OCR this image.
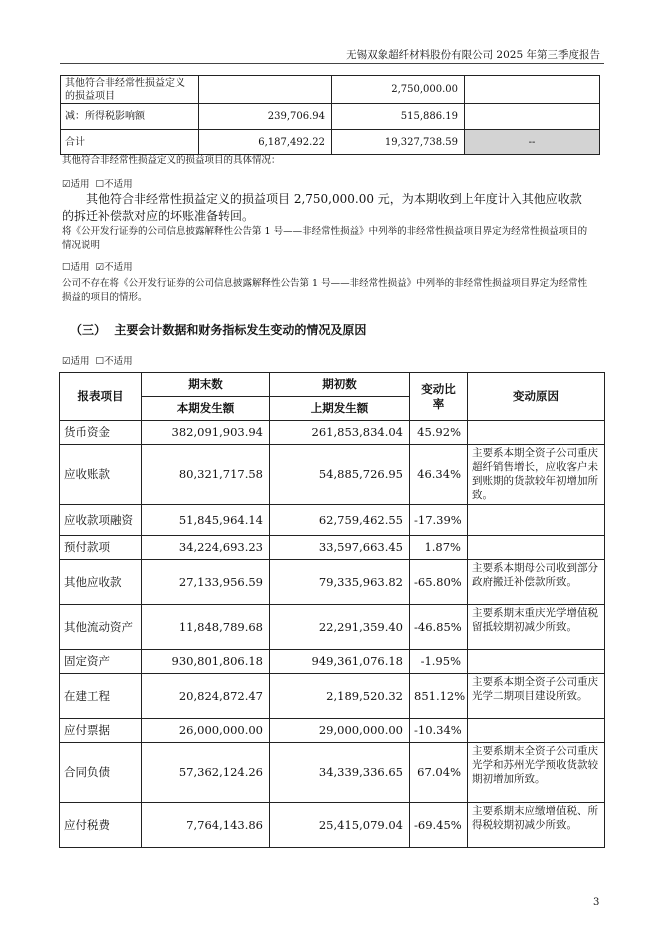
无锡双象超纤材料股份有限公司 2025 年第三季度报告
其他符合非经常性损益定义的损益项目		2,750,000.00	
减：所得税影响额	239,706.94	515,886.19	
合计	6,187,492.22	19,327,738.59	--
其他符合非经常性损益定义的损益项目的具体情况：
☑适用 ☐不适用
其他符合非经常性损益定义的损益项目 2,750,000.00 元，为本期收到上年度计入其他应收款的拆迁补偿款对应的坏账准备转回。
将《公开发行证券的公司信息披露解释性公告第 1 号——非经常性损益》中列举的非经常性损益项目界定为经常性损益项目的情况说明
☐适用 ☑不适用
公司不存在将《公开发行证券的公司信息披露解释性公告第 1 号——非经常性损益》中列举的非经常性损益项目界定为经常性损益的项目的情形。
（三） 主要会计数据和财务指标发生变动的情况及原因
☑适用 ☐不适用
报表项目	期末数	期初数	变动比率	变动原因
	本期发生额	上期发生额		
货币资金	382,091,903.94	261,853,834.04	45.92%	
应收账款	80,321,717.58	54,885,726.95	46.34%	主要系本期全资子公司重庆超纤销售增长，应收客户未到账期的货款较年初增加所致。
应收款项融资	51,845,964.14	62,759,462.55	-17.39%	
预付款项	34,224,693.23	33,597,663.45	1.87%	
其他应收款	27,133,956.59	79,335,963.82	-65.80%	主要系本期母公司收到部分政府搬迁补偿款所致。
其他流动资产	11,848,789.68	22,291,359.40	-46.85%	主要系期末重庆光学增值税留抵较期初减少所致。
固定资产	930,801,806.18	949,361,076.18	-1.95%	
在建工程	20,824,872.47	2,189,520.32	851.12%	主要系本期全资子公司重庆光学二期项目建设所致。
应付票据	26,000,000.00	29,000,000.00	-10.34%	
合同负债	57,362,124.26	34,339,336.65	67.04%	主要系期末全资子公司重庆光学和苏州光学预收货款较期初增加所致。
应付税费	7,764,143.86	25,415,079.04	-69.45%	主要系期末应缴增值税、所得税较期初减少所致。
3
